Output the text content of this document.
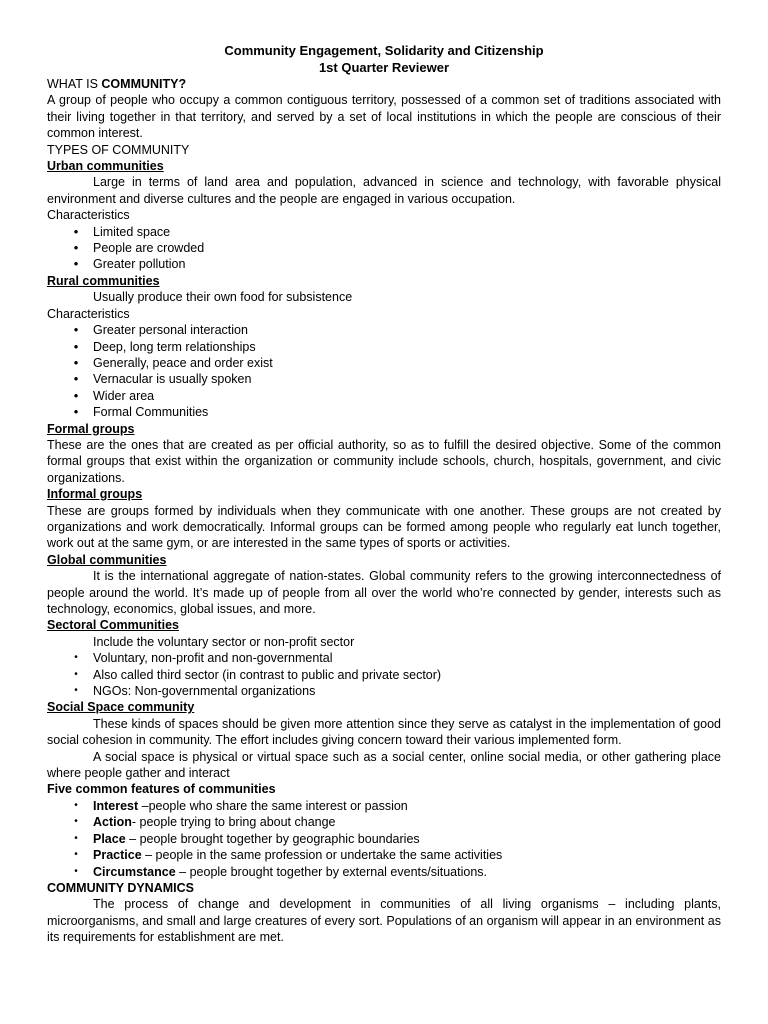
Community Engagement, Solidarity and Citizenship
1st Quarter Reviewer

WHAT IS COMMUNITY?

A group of people who occupy a common contiguous territory, possessed of a common set of traditions associated with their living together in that territory, and served by a set of local institutions in which the people are conscious of their common interest.

TYPES OF COMMUNITY

Urban communities

Large in terms of land area and population, advanced in science and technology, with favorable physical environment and diverse cultures and the people are engaged in various occupation.

Characteristics

• Limited space
• People are crowded
• Greater pollution

Rural communities

Usually produce their own food for subsistence

Characteristics

• Greater personal interaction
• Deep, long term relationships
• Generally, peace and order exist
• Vernacular is usually spoken
• Wider area
• Formal Communities

Formal groups

These are the ones that are created as per official authority, so as to fulfill the desired objective. Some of the common formal groups that exist within the organization or community include schools, church, hospitals, government, and civic organizations.

Informal groups

These are groups formed by individuals when they communicate with one another. These groups are not created by organizations and work democratically. Informal groups can be formed among people who regularly eat lunch together, work out at the same gym, or are interested in the same types of sports or activities.

Global communities

It is the international aggregate of nation-states. Global community refers to the growing interconnectedness of people around the world. It’s made up of people from all over the world who’re connected by gender, interests such as technology, economics, global issues, and more.

Sectoral Communities

Include the voluntary sector or non-profit sector

• Voluntary, non-profit and non-governmental
• Also called third sector (in contrast to public and private sector)
• NGOs: Non-governmental organizations

Social Space community

These kinds of spaces should be given more attention since they serve as catalyst in the implementation of good social cohesion in community. The effort includes giving concern toward their various implemented form.

A social space is physical or virtual space such as a social center, online social media, or other gathering place where people gather and interact

Five common features of communities

• Interest –people who share the same interest or passion
• Action- people trying to bring about change
• Place – people brought together by geographic boundaries
• Practice – people in the same profession or undertake the same activities
• Circumstance – people brought together by external events/situations.

COMMUNITY DYNAMICS

The process of change and development in communities of all living organisms – including plants, microorganisms, and small and large creatures of every sort. Populations of an organism will appear in an environment as its requirements for establishment are met.
